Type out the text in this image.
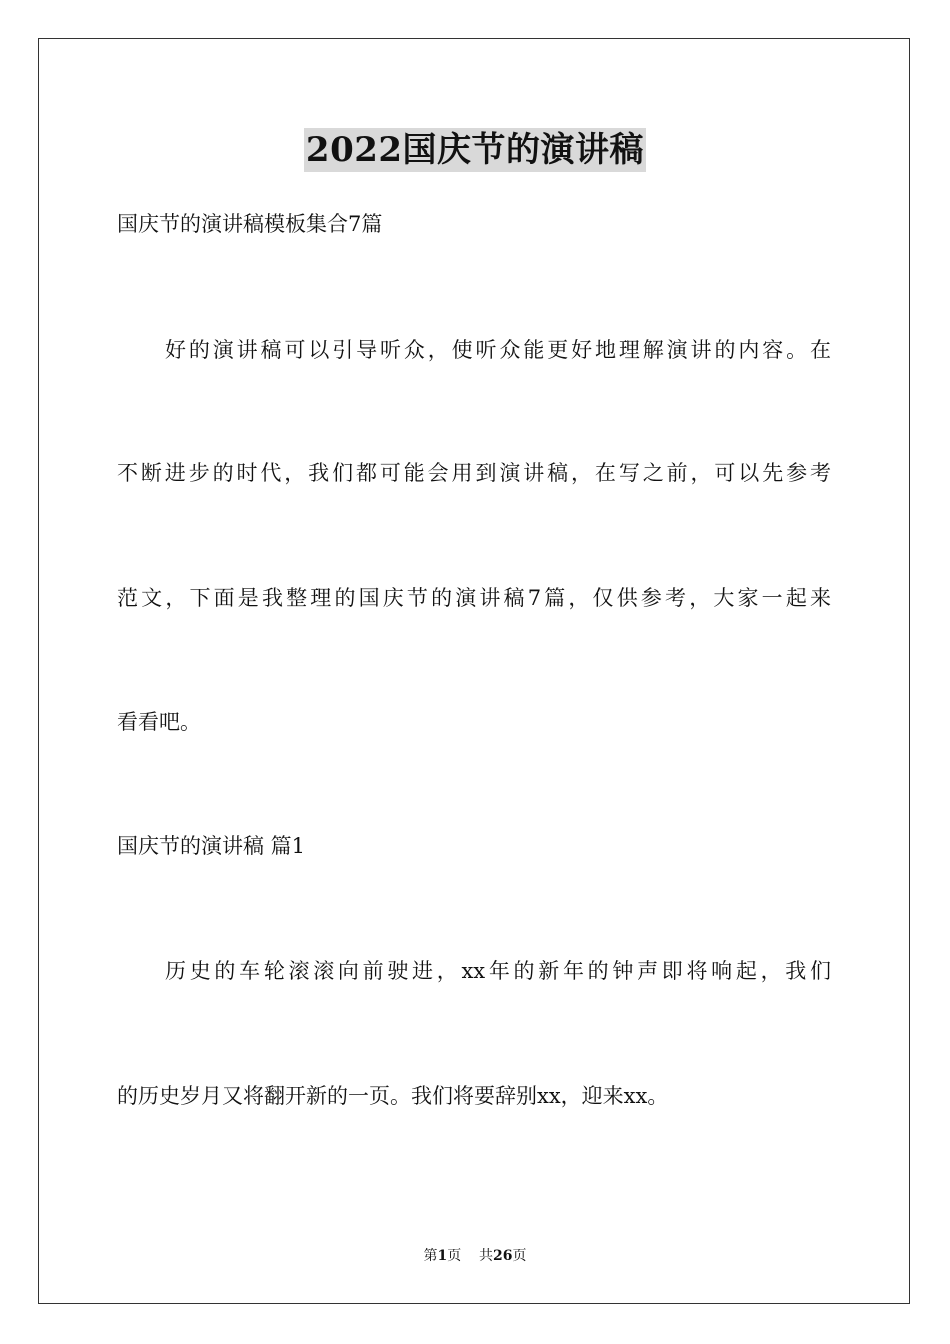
2022国庆节的演讲稿
国庆节的演讲稿模板集合7篇
好的演讲稿可以引导听众，使听众能更好地理解演讲的内容。在
不断进步的时代，我们都可能会用到演讲稿，在写之前，可以先参考
范文，下面是我整理的国庆节的演讲稿7篇，仅供参考，大家一起来
看看吧。
国庆节的演讲稿 篇1
历史的车轮滚滚向前驶进，xx年的新年的钟声即将响起，我们
的历史岁月又将翻开新的一页。我们将要辞别xx，迎来xx。
第1页    共26页
